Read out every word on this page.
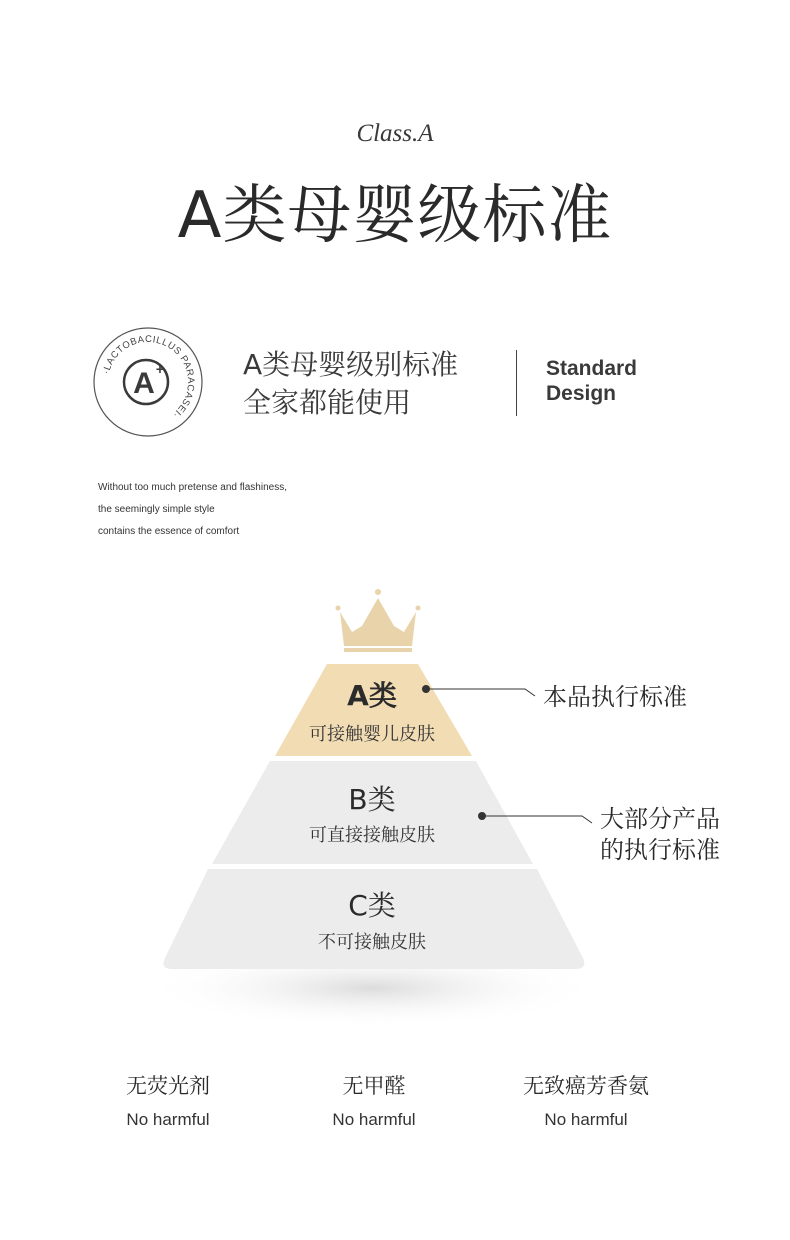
Class.A
A类母婴级标准
·LACTOBACILLUS PARACASEI·
A +	A类母婴级别标准
全家都能使用
Standard
Design
Without too much pretense and flashiness,
the seemingly simple style
contains the essence of comfort
A类
可接触婴儿皮肤
B类
可直接接触皮肤
C类
不可接触皮肤
本品执行标准
大部分产品
的执行标准
无荧光剂
No harmful
无甲醛
No harmful
无致癌芳香氨
No harmful
